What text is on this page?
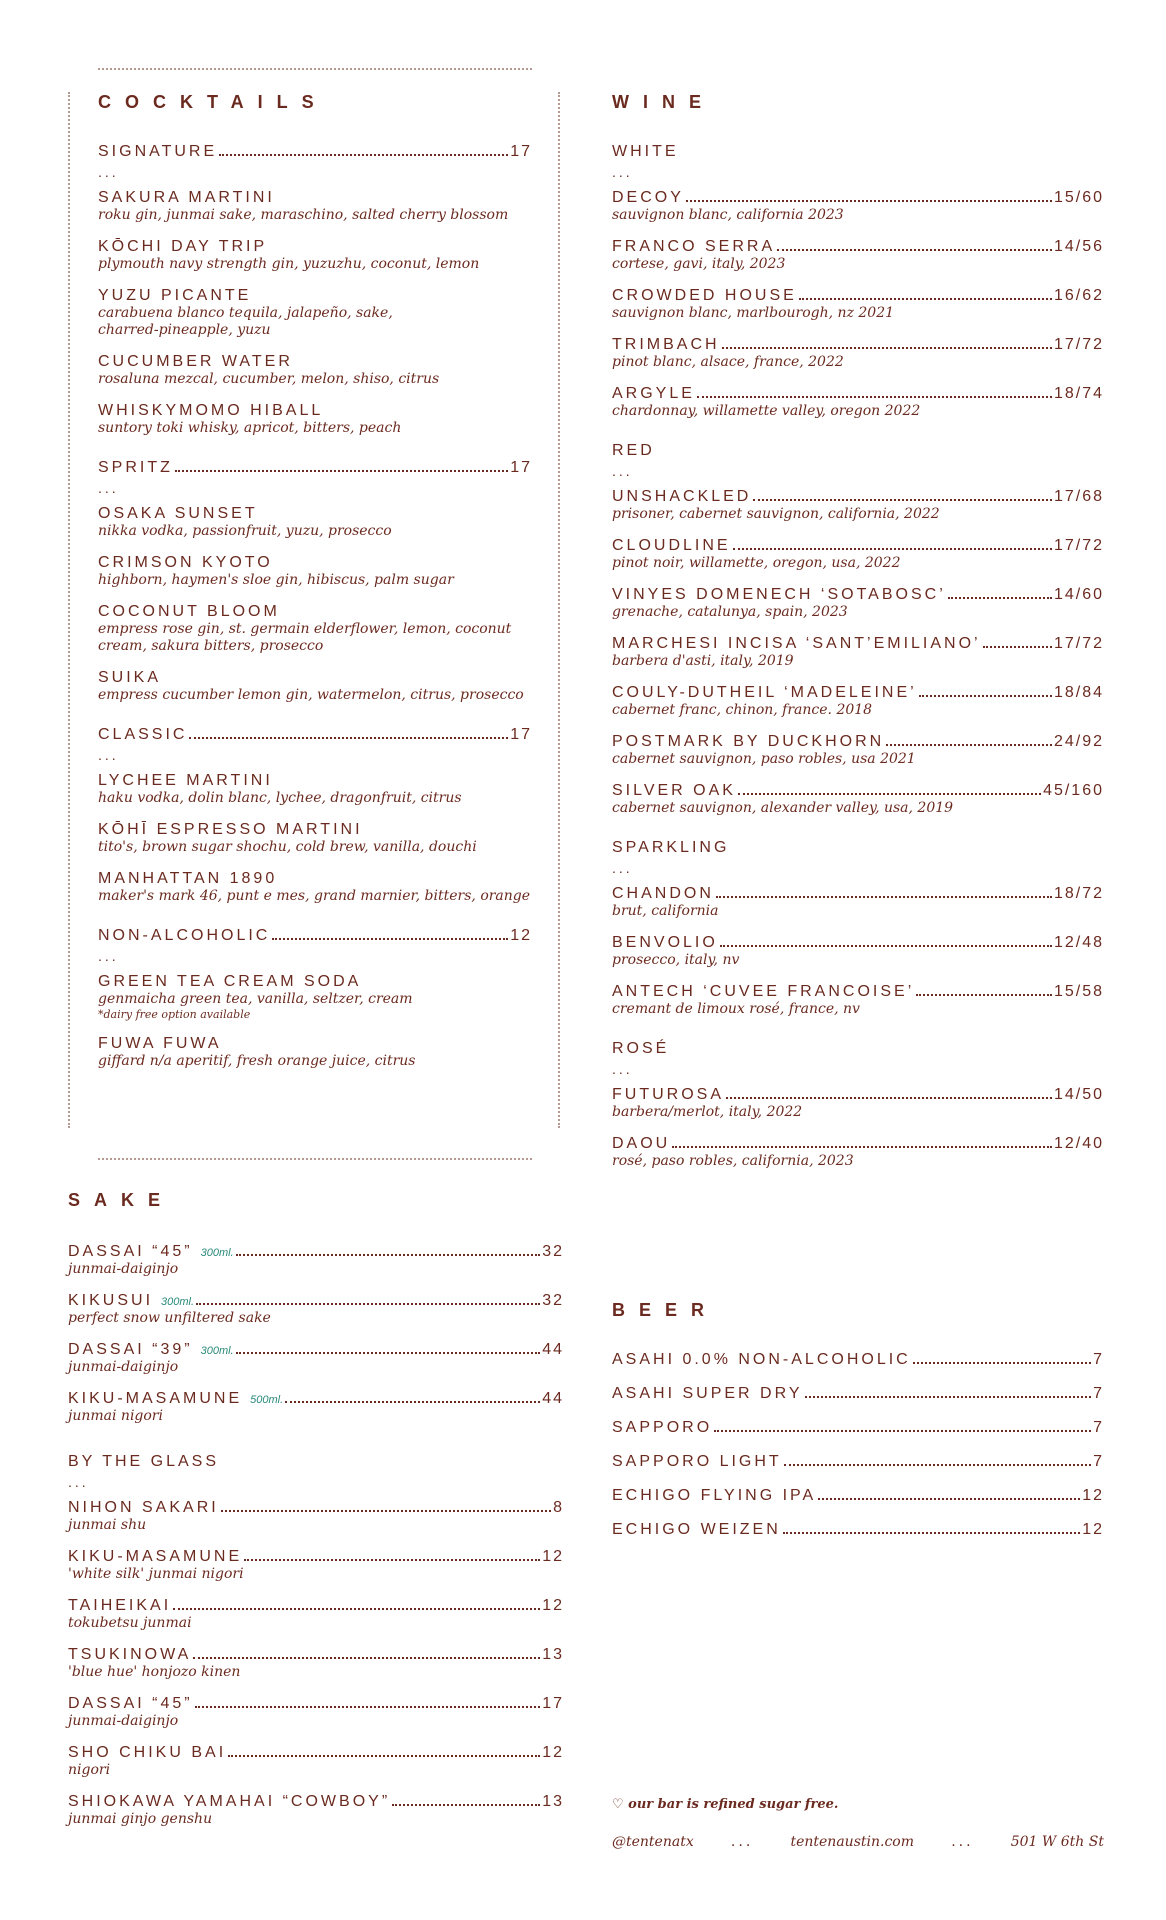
COCKTAILS
SIGNATURE	17
...
SAKURA MARTINI
roku gin, junmai sake, maraschino, salted cherry blossom
KŌCHI DAY TRIP
plymouth navy strength gin, yuzuzhu, coconut, lemon
YUZU PICANTE
carabuena blanco tequila, jalapeño, sake,
charred-pineapple, yuzu
CUCUMBER WATER
rosaluna mezcal, cucumber, melon, shiso, citrus
WHISKYMOMO HIBALL
suntory toki whisky, apricot, bitters, peach
SPRITZ	17
...
OSAKA SUNSET
nikka vodka, passionfruit, yuzu, prosecco
CRIMSON KYOTO
highborn, haymen's sloe gin, hibiscus, palm sugar
COCONUT BLOOM
empress rose gin, st. germain elderflower, lemon, coconut
cream, sakura bitters, prosecco
SUIKA
empress cucumber lemon gin, watermelon, citrus, prosecco
CLASSIC	17
...
LYCHEE MARTINI
haku vodka, dolin blanc, lychee, dragonfruit, citrus
KŌHĪ ESPRESSO MARTINI
tito's, brown sugar shochu, cold brew, vanilla, douchi
MANHATTAN 1890
maker's mark 46, punt e mes, grand marnier, bitters, orange
NON-ALCOHOLIC	12
...
GREEN TEA CREAM SODA
genmaicha green tea, vanilla, seltzer, cream
*dairy free option available
FUWA FUWA
giffard n/a aperitif, fresh orange juice, citrus
SAKE
DASSAI “45” 300ml.	32
junmai-daiginjo
KIKUSUI 300ml.	32
perfect snow unfiltered sake
DASSAI “39” 300ml.	44
junmai-daiginjo
KIKU-MASAMUNE 500ml.	44
junmai nigori
BY THE GLASS
...
NIHON SAKARI	8
junmai shu
KIKU-MASAMUNE	12
'white silk' junmai nigori
TAIHEIKAI	12
tokubetsu junmai
TSUKINOWA	13
'blue hue' honjozo kinen
DASSAI “45”	17
junmai-daiginjo
SHO CHIKU BAI	12
nigori
SHIOKAWA YAMAHAI “COWBOY”	13
junmai ginjo genshu
WINE
WHITE
...
DECOY	15/60
sauvignon blanc, california 2023
FRANCO SERRA	14/56
cortese, gavi, italy, 2023
CROWDED HOUSE	16/62
sauvignon blanc, marlbourogh, nz 2021
TRIMBACH	17/72
pinot blanc, alsace, france, 2022
ARGYLE	18/74
chardonnay, willamette valley, oregon 2022
RED
...
UNSHACKLED	17/68
prisoner, cabernet sauvignon, california, 2022
CLOUDLINE	17/72
pinot noir, willamette, oregon, usa, 2022
VINYES DOMENECH ‘SOTABOSC’	14/60
grenache, catalunya, spain, 2023
MARCHESI INCISA ‘SANT’EMILIANO’	17/72
barbera d'asti, italy, 2019
COULY-DUTHEIL ‘MADELEINE’	18/84
cabernet franc, chinon, france. 2018
POSTMARK BY DUCKHORN	24/92
cabernet sauvignon, paso robles, usa 2021
SILVER OAK	45/160
cabernet sauvignon, alexander valley, usa, 2019
SPARKLING
...
CHANDON	18/72
brut, california
BENVOLIO	12/48
prosecco, italy, nv
ANTECH ‘CUVEE FRANCOISE’	15/58
cremant de limoux rosé, france, nv
ROSÉ
...
FUTUROSA	14/50
barbera/merlot, italy, 2022
DAOU	12/40
rosé, paso robles, california, 2023
BEER
ASAHI 0.0% NON-ALCOHOLIC	7
ASAHI SUPER DRY	7
SAPPORO	7
SAPPORO LIGHT	7
ECHIGO FLYING IPA	12
ECHIGO WEIZEN	12
♡ our bar is refined sugar free.
@tentenatx	...	tentenaustin.com	...	501 W 6th St
